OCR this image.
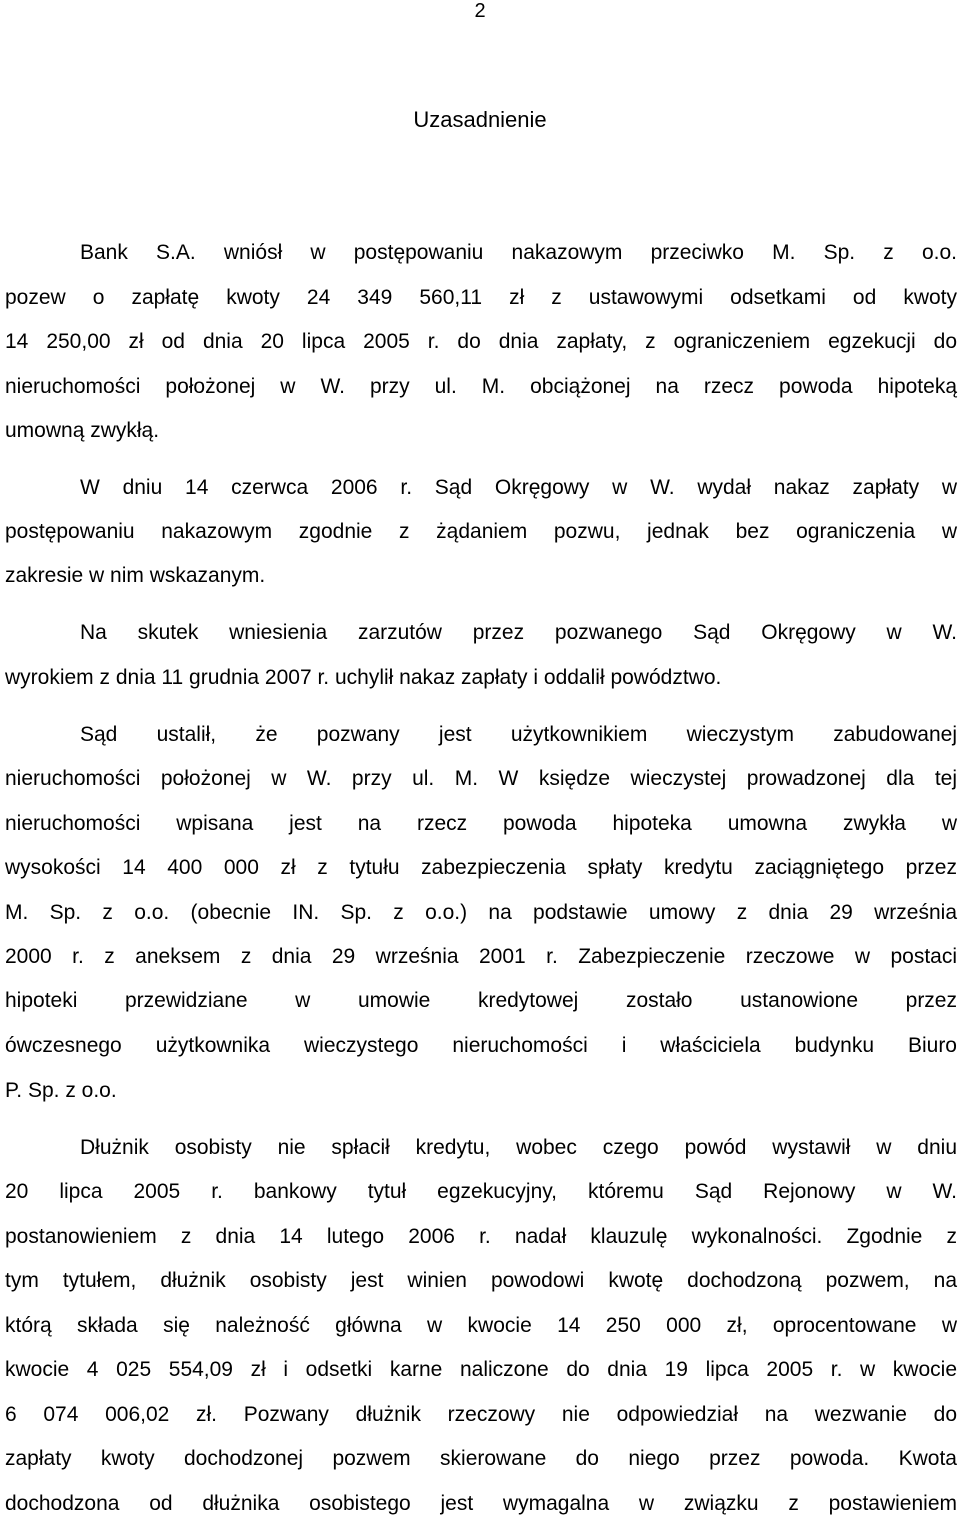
2
Uzasadnienie
Bank S.A. wniósł w postępowaniu nakazowym przeciwko M. Sp. z o.o.
pozew o zapłatę kwoty 24 349 560,11 zł z ustawowymi odsetkami od kwoty
14 250,00 zł od dnia 20 lipca 2005 r. do dnia zapłaty, z ograniczeniem egzekucji do
nieruchomości położonej w W. przy ul. M. obciążonej na rzecz powoda hipoteką
umowną zwykłą.
W dniu 14 czerwca 2006 r. Sąd Okręgowy w W. wydał nakaz zapłaty w
postępowaniu nakazowym zgodnie z żądaniem pozwu, jednak bez ograniczenia w
zakresie w nim wskazanym.
Na skutek wniesienia zarzutów przez pozwanego Sąd Okręgowy w W.
wyrokiem z dnia 11 grudnia 2007 r. uchylił nakaz zapłaty i oddalił powództwo.
Sąd ustalił, że pozwany jest użytkownikiem wieczystym zabudowanej
nieruchomości położonej w W. przy ul. M. W księdze wieczystej prowadzonej dla tej
nieruchomości wpisana jest na rzecz powoda hipoteka umowna zwykła w
wysokości 14 400 000 zł z tytułu zabezpieczenia spłaty kredytu zaciągniętego przez
M. Sp. z o.o. (obecnie IN. Sp. z o.o.) na podstawie umowy z dnia 29 września
2000 r. z aneksem z dnia 29 września 2001 r. Zabezpieczenie rzeczowe w postaci
hipoteki przewidziane w umowie kredytowej zostało ustanowione przez
ówczesnego użytkownika wieczystego nieruchomości i właściciela budynku Biuro
P. Sp. z o.o.
Dłużnik osobisty nie spłacił kredytu, wobec czego powód wystawił w dniu
20 lipca 2005 r. bankowy tytuł egzekucyjny, któremu Sąd Rejonowy w W.
postanowieniem z dnia 14 lutego 2006 r. nadał klauzulę wykonalności. Zgodnie z
tym tytułem, dłużnik osobisty jest winien powodowi kwotę dochodzoną pozwem, na
którą składa się należność główna w kwocie 14 250 000 zł, oprocentowane w
kwocie 4 025 554,09 zł i odsetki karne naliczone do dnia 19 lipca 2005 r. w kwocie
6 074 006,02 zł. Pozwany dłużnik rzeczowy nie odpowiedział na wezwanie do
zapłaty kwoty dochodzonej pozwem skierowane do niego przez powoda. Kwota
dochodzona od dłużnika osobistego jest wymagalna w związku z postawieniem
